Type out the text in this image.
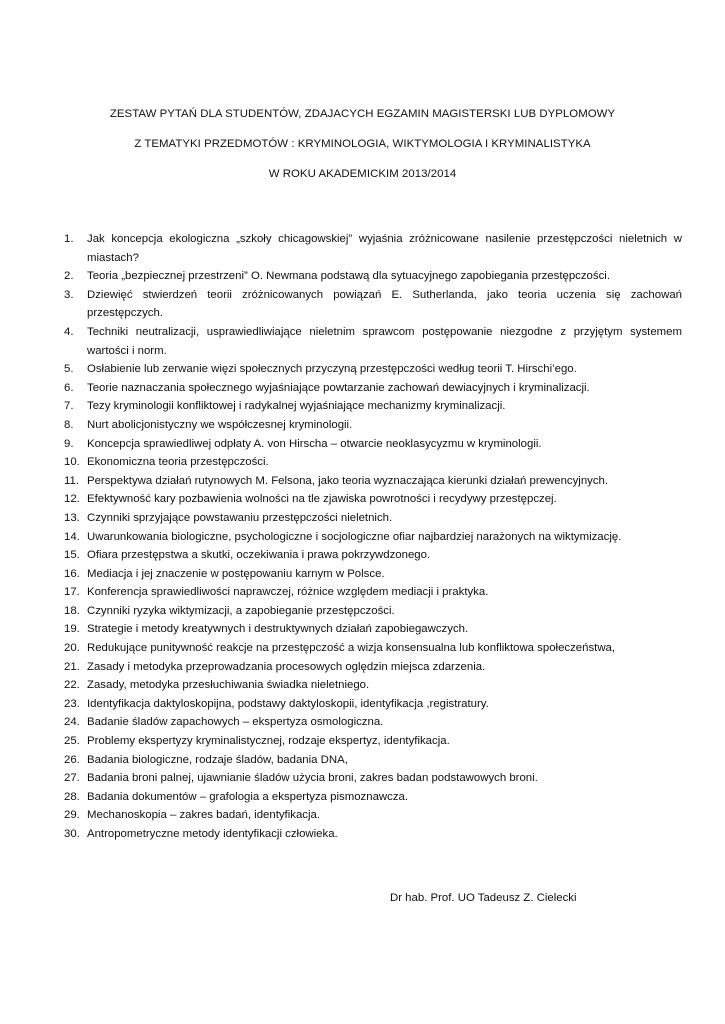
ZESTAW PYTAŃ DLA STUDENTÓW, ZDAJACYCH EGZAMIN MAGISTERSKI LUB DYPLOMOWY
Z TEMATYKI PRZEDMOTÓW : KRYMINOLOGIA, WIKTYMOLOGIA I KRYMINALISTYKA
W ROKU AKADEMICKIM 2013/2014
1. Jak koncepcja ekologiczna „szkoły chicagowskiej” wyjaśnia zróżnicowane nasilenie przestępczości nieletnich w miastach?
2. Teoria „bezpiecznej przestrzeni” O. Newmana podstawą dla sytuacyjnego zapobiegania przestępczości.
3. Dziewięć stwierdzeń teorii zróżnicowanych powiązań E. Sutherlanda, jako teoria uczenia się zachowań przestępczych.
4. Techniki neutralizacji, usprawiedliwiające nieletnim sprawcom postępowanie niezgodne z przyjętym systemem wartości i norm.
5. Osłabienie lub zerwanie więzi społecznych przyczyną przestępczości według teorii T. Hirschi’ego.
6. Teorie naznaczania społecznego wyjaśniające powtarzanie zachowań dewiacyjnych i kryminalizacji.
7. Tezy kryminologii konfliktowej i radykalnej wyjaśniające mechanizmy kryminalizacji.
8. Nurt abolicjonistyczny we współczesnej kryminologii.
9. Koncepcja sprawiedliwej odpłaty A. von Hirscha – otwarcie neoklasycyzmu w kryminologii.
10. Ekonomiczna teoria przestępczości.
11. Perspektywa działań rutynowych M. Felsona, jako teoria wyznaczająca kierunki działań prewencyjnych.
12. Efektywność kary pozbawienia wolności na tle zjawiska powrotności i recydywy przestępczej.
13. Czynniki sprzyjające powstawaniu przestępczości nieletnich.
14. Uwarunkowania biologiczne, psychologiczne i socjologiczne ofiar najbardziej narażonych na wiktymizację.
15. Ofiara przestępstwa a skutki, oczekiwania i prawa pokrzywdzonego.
16. Mediacja i jej znaczenie w postępowaniu karnym w Polsce.
17. Konferencja sprawiedliwości naprawczej, różnice względem mediacji i praktyka.
18. Czynniki ryzyka wiktymizacji, a zapobieganie przestępczości.
19. Strategie i metody kreatywnych i destruktywnych działań zapobiegawczych.
20. Redukujące punitywność reakcje na przestępczość a wizja konsensualna lub konfliktowa społeczeństwa,
21. Zasady i metodyka przeprowadzania procesowych oględzin miejsca zdarzenia.
22. Zasady, metodyka przesłuchiwania świadka nieletniego.
23. Identyfikacja daktyloskopijna, podstawy daktyloskopii, identyfikacja ,registratury.
24. Badanie śladów zapachowych – ekspertyza osmologiczna.
25. Problemy ekspertyzy kryminalistycznej, rodzaje ekspertyz, identyfikacja.
26. Badania biologiczne, rodzaje śladów, badania DNA,
27. Badania broni palnej, ujawnianie śladów użycia broni, zakres badan podstawowych broni.
28. Badania dokumentów – grafologia a ekspertyza pismoznawcza.
29. Mechanoskopia – zakres badań, identyfikacja.
30. Antropometryczne metody identyfikacji człowieka.
Dr hab. Prof. UO Tadeusz Z. Cielecki
